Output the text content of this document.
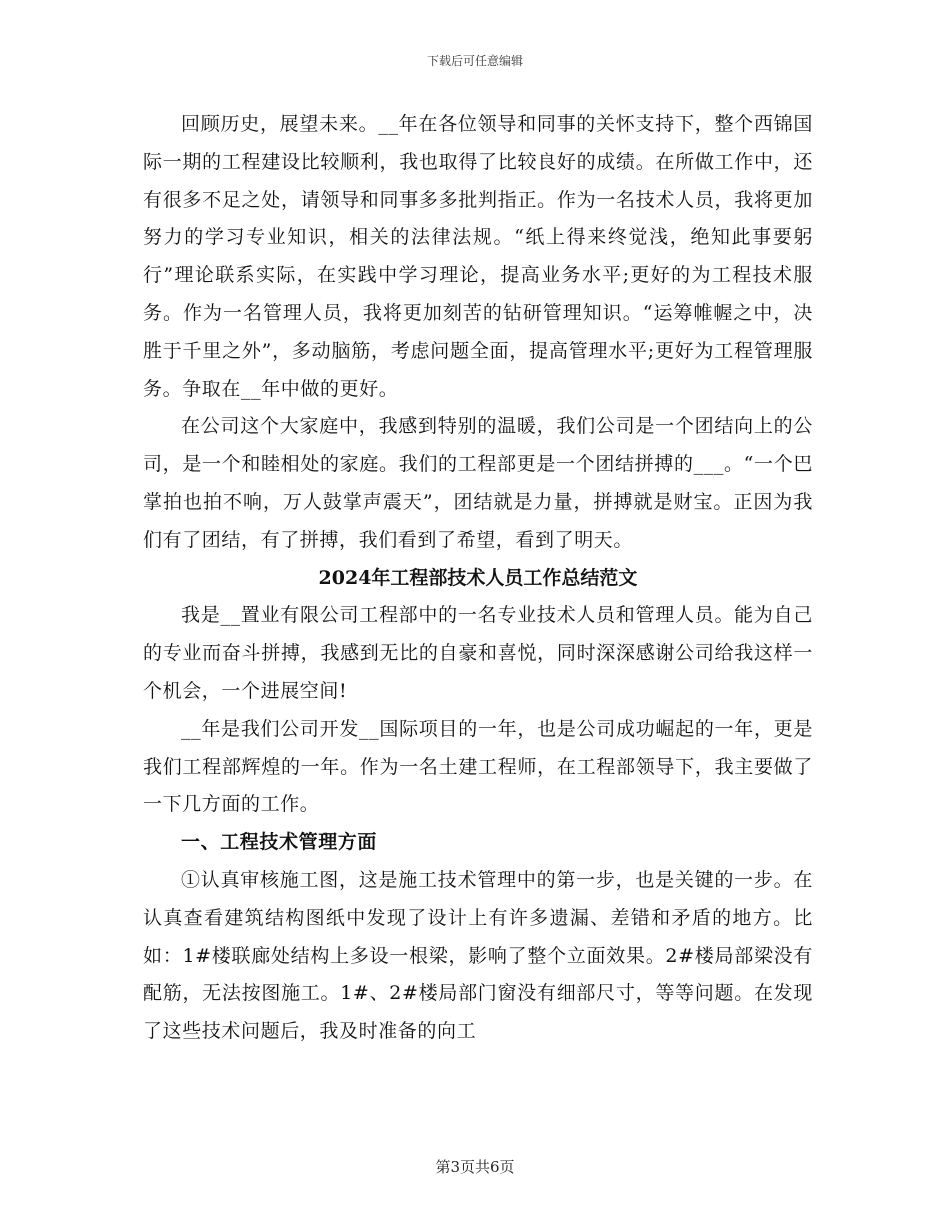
下载后可任意编辑

回顾历史，展望未来。__年在各位领导和同事的关怀支持下，整个西锦国际一期的工程建设比较顺利，我也取得了比较良好的成绩。在所做工作中，还有很多不足之处，请领导和同事多多批判指正。作为一名技术人员，我将更加努力的学习专业知识，相关的法律法规。“纸上得来终觉浅，绝知此事要躬行”理论联系实际，在实践中学习理论，提高业务水平;更好的为工程技术服务。作为一名管理人员，我将更加刻苦的钻研管理知识。“运筹帷幄之中，决胜于千里之外”，多动脑筋，考虑问题全面，提高管理水平;更好为工程管理服务。争取在__年中做的更好。

在公司这个大家庭中，我感到特别的温暖，我们公司是一个团结向上的公司，是一个和睦相处的家庭。我们的工程部更是一个团结拼搏的___。“一个巴掌拍也拍不响，万人鼓掌声震天”，团结就是力量，拼搏就是财宝。正因为我们有了团结，有了拼搏，我们看到了希望，看到了明天。

2024年工程部技术人员工作总结范文

我是__置业有限公司工程部中的一名专业技术人员和管理人员。能为自己的专业而奋斗拼搏，我感到无比的自豪和喜悦，同时深深感谢公司给我这样一个机会，一个进展空间!

__年是我们公司开发__国际项目的一年，也是公司成功崛起的一年，更是我们工程部辉煌的一年。作为一名土建工程师，在工程部领导下，我主要做了一下几方面的工作。

一、工程技术管理方面

①认真审核施工图，这是施工技术管理中的第一步，也是关键的一步。在认真查看建筑结构图纸中发现了设计上有许多遗漏、差错和矛盾的地方。比如：1#楼联廊处结构上多设一根梁，影响了整个立面效果。2#楼局部梁没有配筋，无法按图施工。1#、2#楼局部门窗没有细部尺寸，等等问题。在发现了这些技术问题后，我及时准备的向工

第3页共6页
